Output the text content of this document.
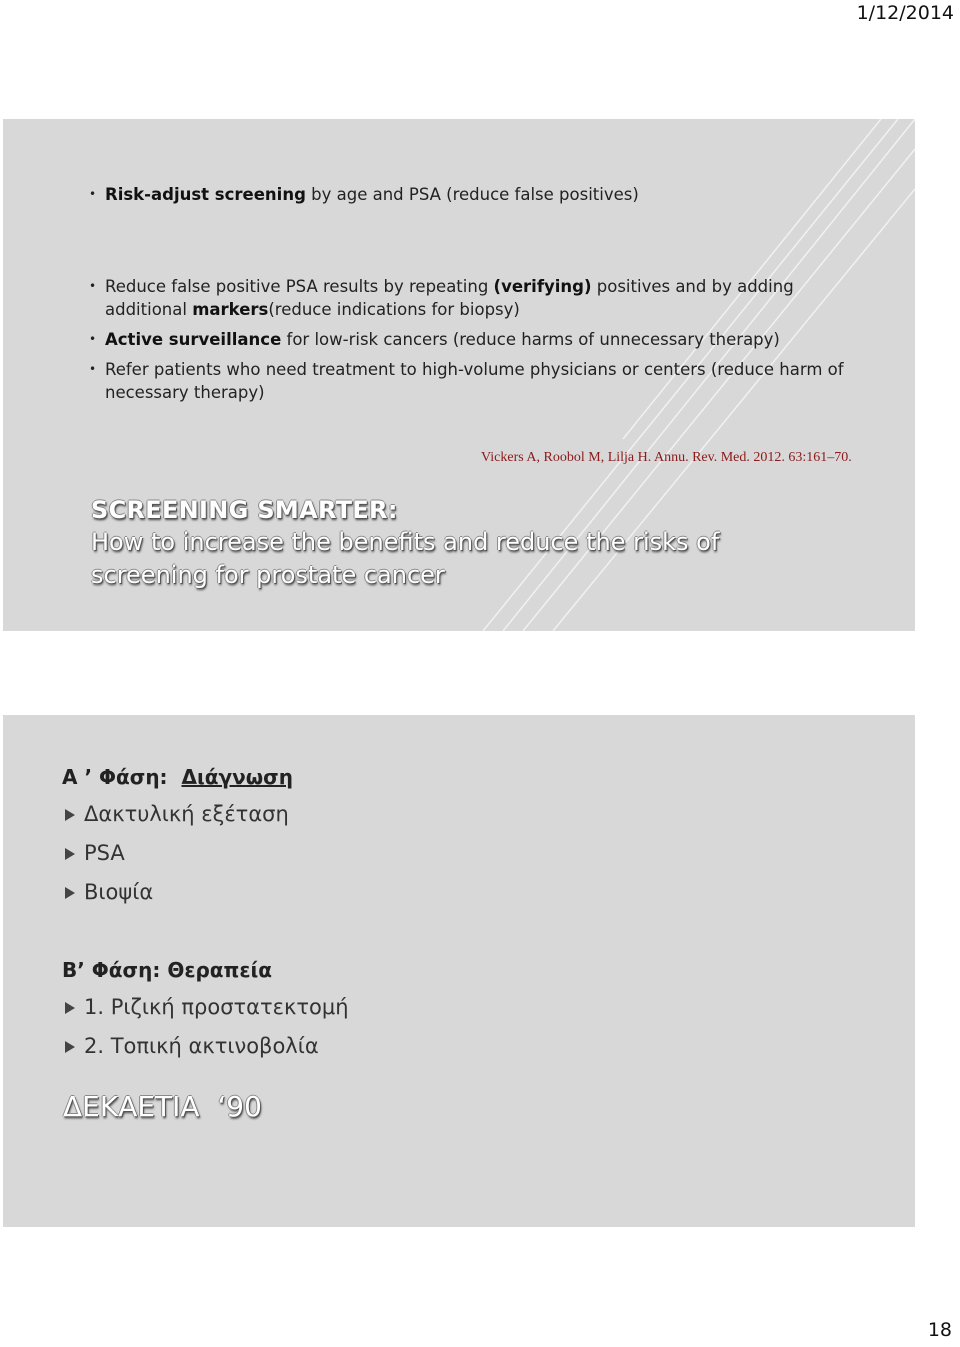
1/12/2014
• Risk-adjust screening by age and PSA (reduce false positives)
• Reduce false positive PSA results by repeating (verifying) positives and by adding additional markers(reduce indications for biopsy)
• Active surveillance for low-risk cancers (reduce harms of unnecessary therapy)
• Refer patients who need treatment to high-volume physicians or centers (reduce harm of necessary therapy)
Vickers A, Roobol M, Lilja H. Annu. Rev. Med. 2012. 63:161–70.
SCREENING SMARTER:
How to increase the benefits and reduce the risks of screening for prostate cancer
Α ’ Φάση:  Διάγνωση
Δακτυλική εξέταση
PSA
Βιοψία
Β’ Φάση: Θεραπεία
1. Ριζική προστατεκτομή
2. Τοπική ακτινοβολία
ΔΕΚΑΕΤΙΑ  ‘90
18
